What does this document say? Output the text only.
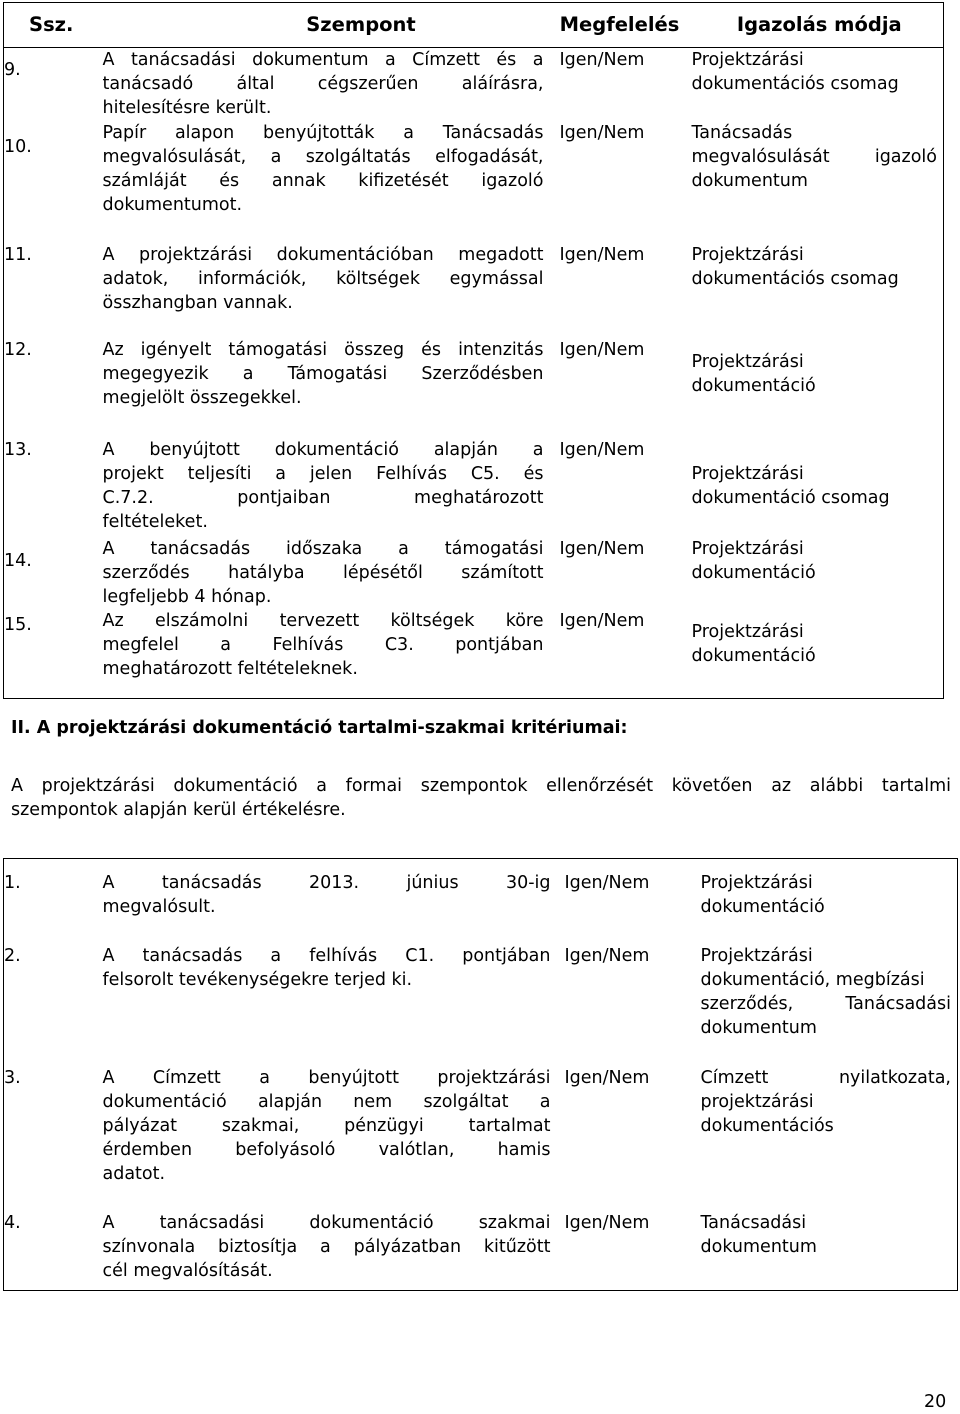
Ssz.	Szempont	Megfelelés	Igazolás módja
9.	A tanácsadási dokumentum a Címzett és a
tanácsadó által cégszerűen aláírásra,
hitelesítésre került.	Igen/Nem	Projektzárási
dokumentációs csomag

10.	Papír alapon benyújtották a Tanácsadás
megvalósulását, a szolgáltatás elfogadását,
számláját és annak kifizetését igazoló
dokumentumot.	Igen/Nem	Tanácsadás
megvalósulását igazoló
dokumentum

11.	A projektzárási dokumentációban megadott
adatok, információk, költségek egymással
összhangban vannak.	Igen/Nem	Projektzárási
dokumentációs csomag

12.	Az igényelt támogatási összeg és intenzitás
megegyezik a Támogatási Szerződésben
megjelölt összegekkel.	Igen/Nem	Projektzárási
dokumentáció

13.	A benyújtott dokumentáció alapján a
projekt teljesíti a jelen Felhívás C5. és
C.7.2. pontjaiban meghatározott
feltételeket.	Igen/Nem	Projektzárási
dokumentáció csomag

14.	A tanácsadás időszaka a támogatási
szerződés hatályba lépésétől számított
legfeljebb 4 hónap.	Igen/Nem	Projektzárási
dokumentáció

15.	Az elszámolni tervezett költségek köre
megfelel a Felhívás C3. pontjában
meghatározott feltételeknek.	Igen/Nem	Projektzárási
dokumentáció
II. A projektzárási dokumentáció tartalmi-szakmai kritériumai:
A projektzárási dokumentáció a formai szempontok ellenőrzését követően az alábbi tartalmi
szempontok alapján kerül értékelésre.
1.	A tanácsadás 2013. június 30-ig
megvalósult.	Igen/Nem	Projektzárási
dokumentáció

2.	A tanácsadás a felhívás C1. pontjában
felsorolt tevékenységekre terjed ki.	Igen/Nem	Projektzárási
dokumentáció, megbízási
szerződés, Tanácsadási
dokumentum

3.	A Címzett a benyújtott projektzárási
dokumentáció alapján nem szolgáltat a
pályázat szakmai, pénzügyi tartalmat
érdemben befolyásoló valótlan, hamis
adatot.	Igen/Nem	Címzett nyilatkozata,
projektzárási
dokumentációs

4.	A tanácsadási dokumentáció szakmai
színvonala biztosítja a pályázatban kitűzött
cél megvalósítását.	Igen/Nem	Tanácsadási
dokumentum
20
